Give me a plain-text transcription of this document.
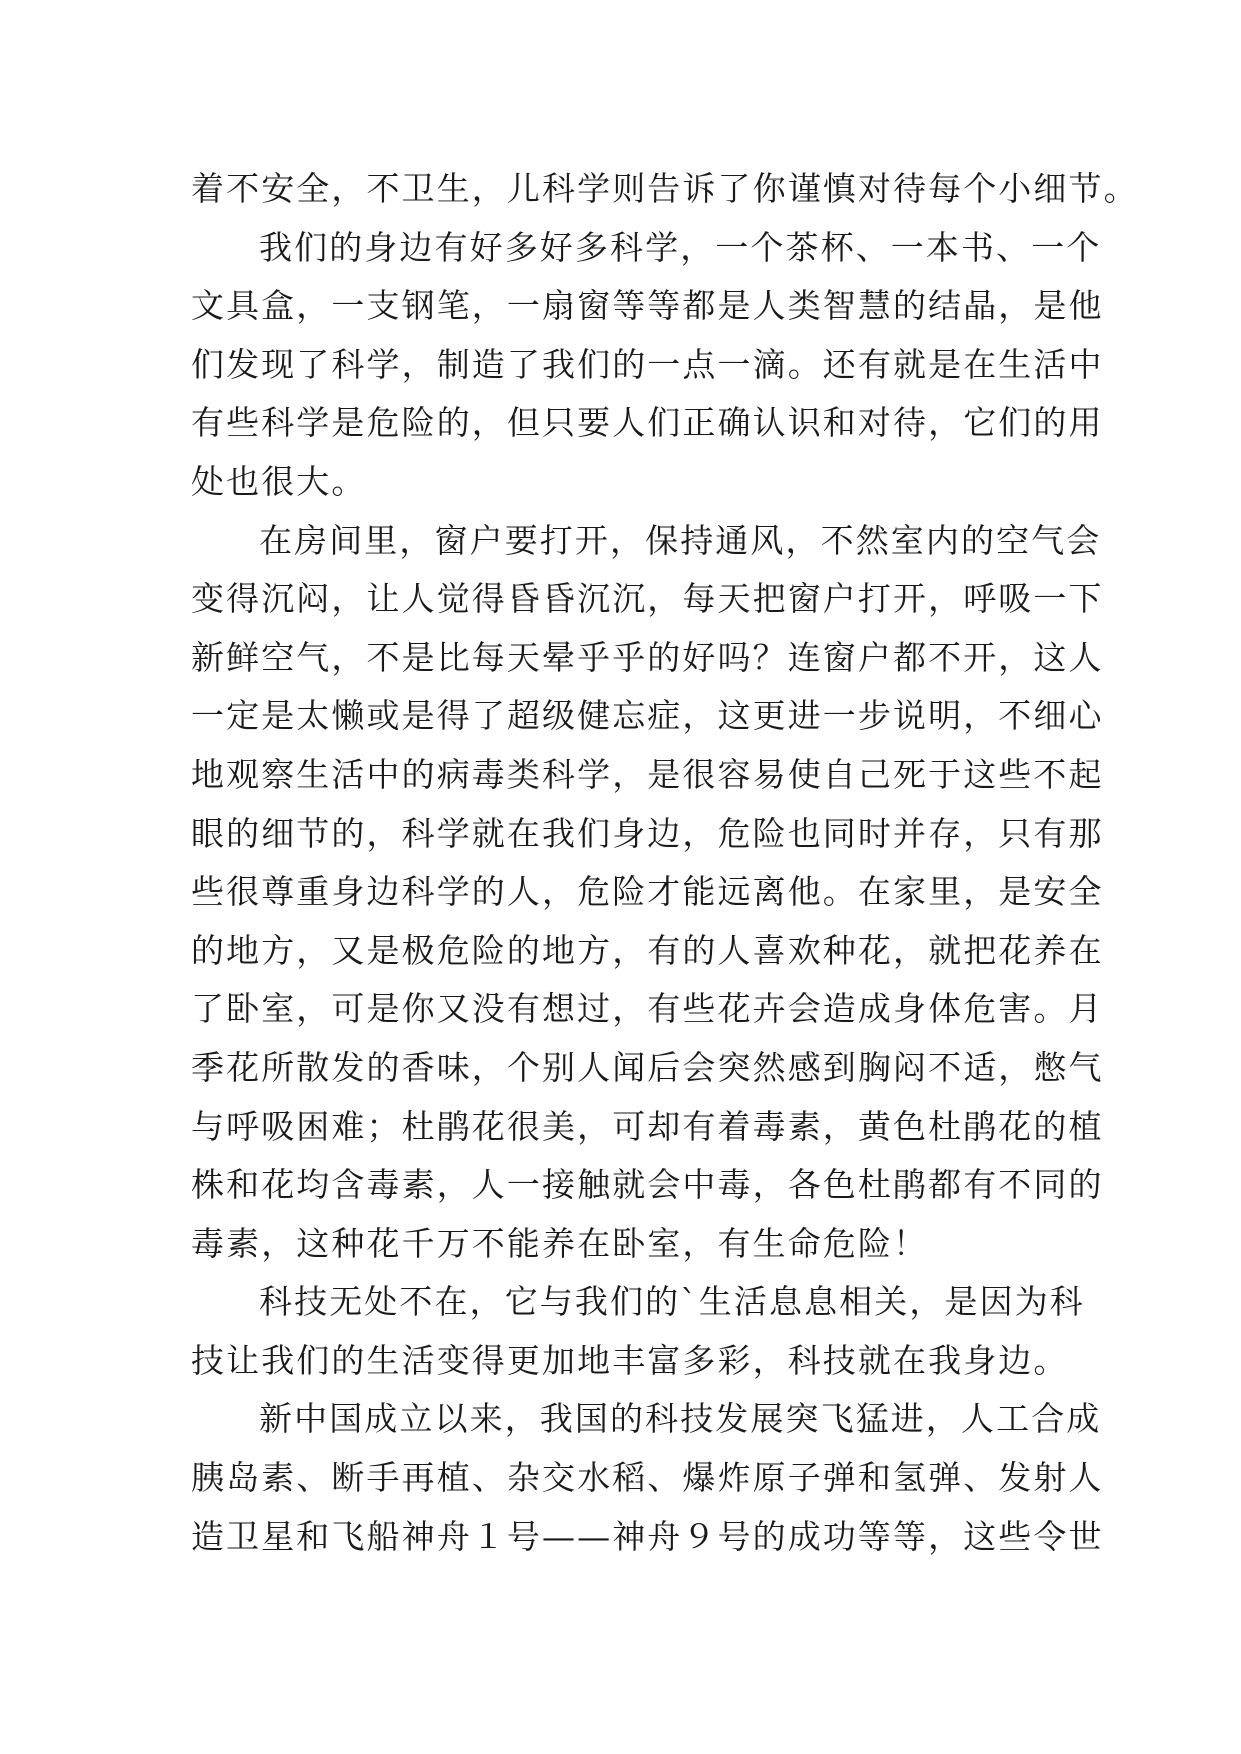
着不安全，不卫生，儿科学则告诉了你谨慎对待每个小细节。
我们的身边有好多好多科学，一个茶杯、一本书、一个
文具盒，一支钢笔，一扇窗等等都是人类智慧的结晶，是他
们发现了科学，制造了我们的一点一滴。还有就是在生活中
有些科学是危险的，但只要人们正确认识和对待，它们的用
处也很大。
在房间里，窗户要打开，保持通风，不然室内的空气会
变得沉闷，让人觉得昏昏沉沉，每天把窗户打开，呼吸一下
新鲜空气，不是比每天晕乎乎的好吗？连窗户都不开，这人
一定是太懒或是得了超级健忘症，这更进一步说明，不细心
地观察生活中的病毒类科学，是很容易使自己死于这些不起
眼的细节的，科学就在我们身边，危险也同时并存，只有那
些很尊重身边科学的人，危险才能远离他。在家里，是安全
的地方，又是极危险的地方，有的人喜欢种花，就把花养在
了卧室，可是你又没有想过，有些花卉会造成身体危害。月
季花所散发的香味，个别人闻后会突然感到胸闷不适，憋气
与呼吸困难；杜鹃花很美，可却有着毒素，黄色杜鹃花的植
株和花均含毒素，人一接触就会中毒，各色杜鹃都有不同的
毒素，这种花千万不能养在卧室，有生命危险！
科技无处不在，它与我们的`生活息息相关，是因为科
技让我们的生活变得更加地丰富多彩，科技就在我身边。
新中国成立以来，我国的科技发展突飞猛进，人工合成
胰岛素、断手再植、杂交水稻、爆炸原子弹和氢弹、发射人
造卫星和飞船神舟１号——神舟９号的成功等等，这些令世
